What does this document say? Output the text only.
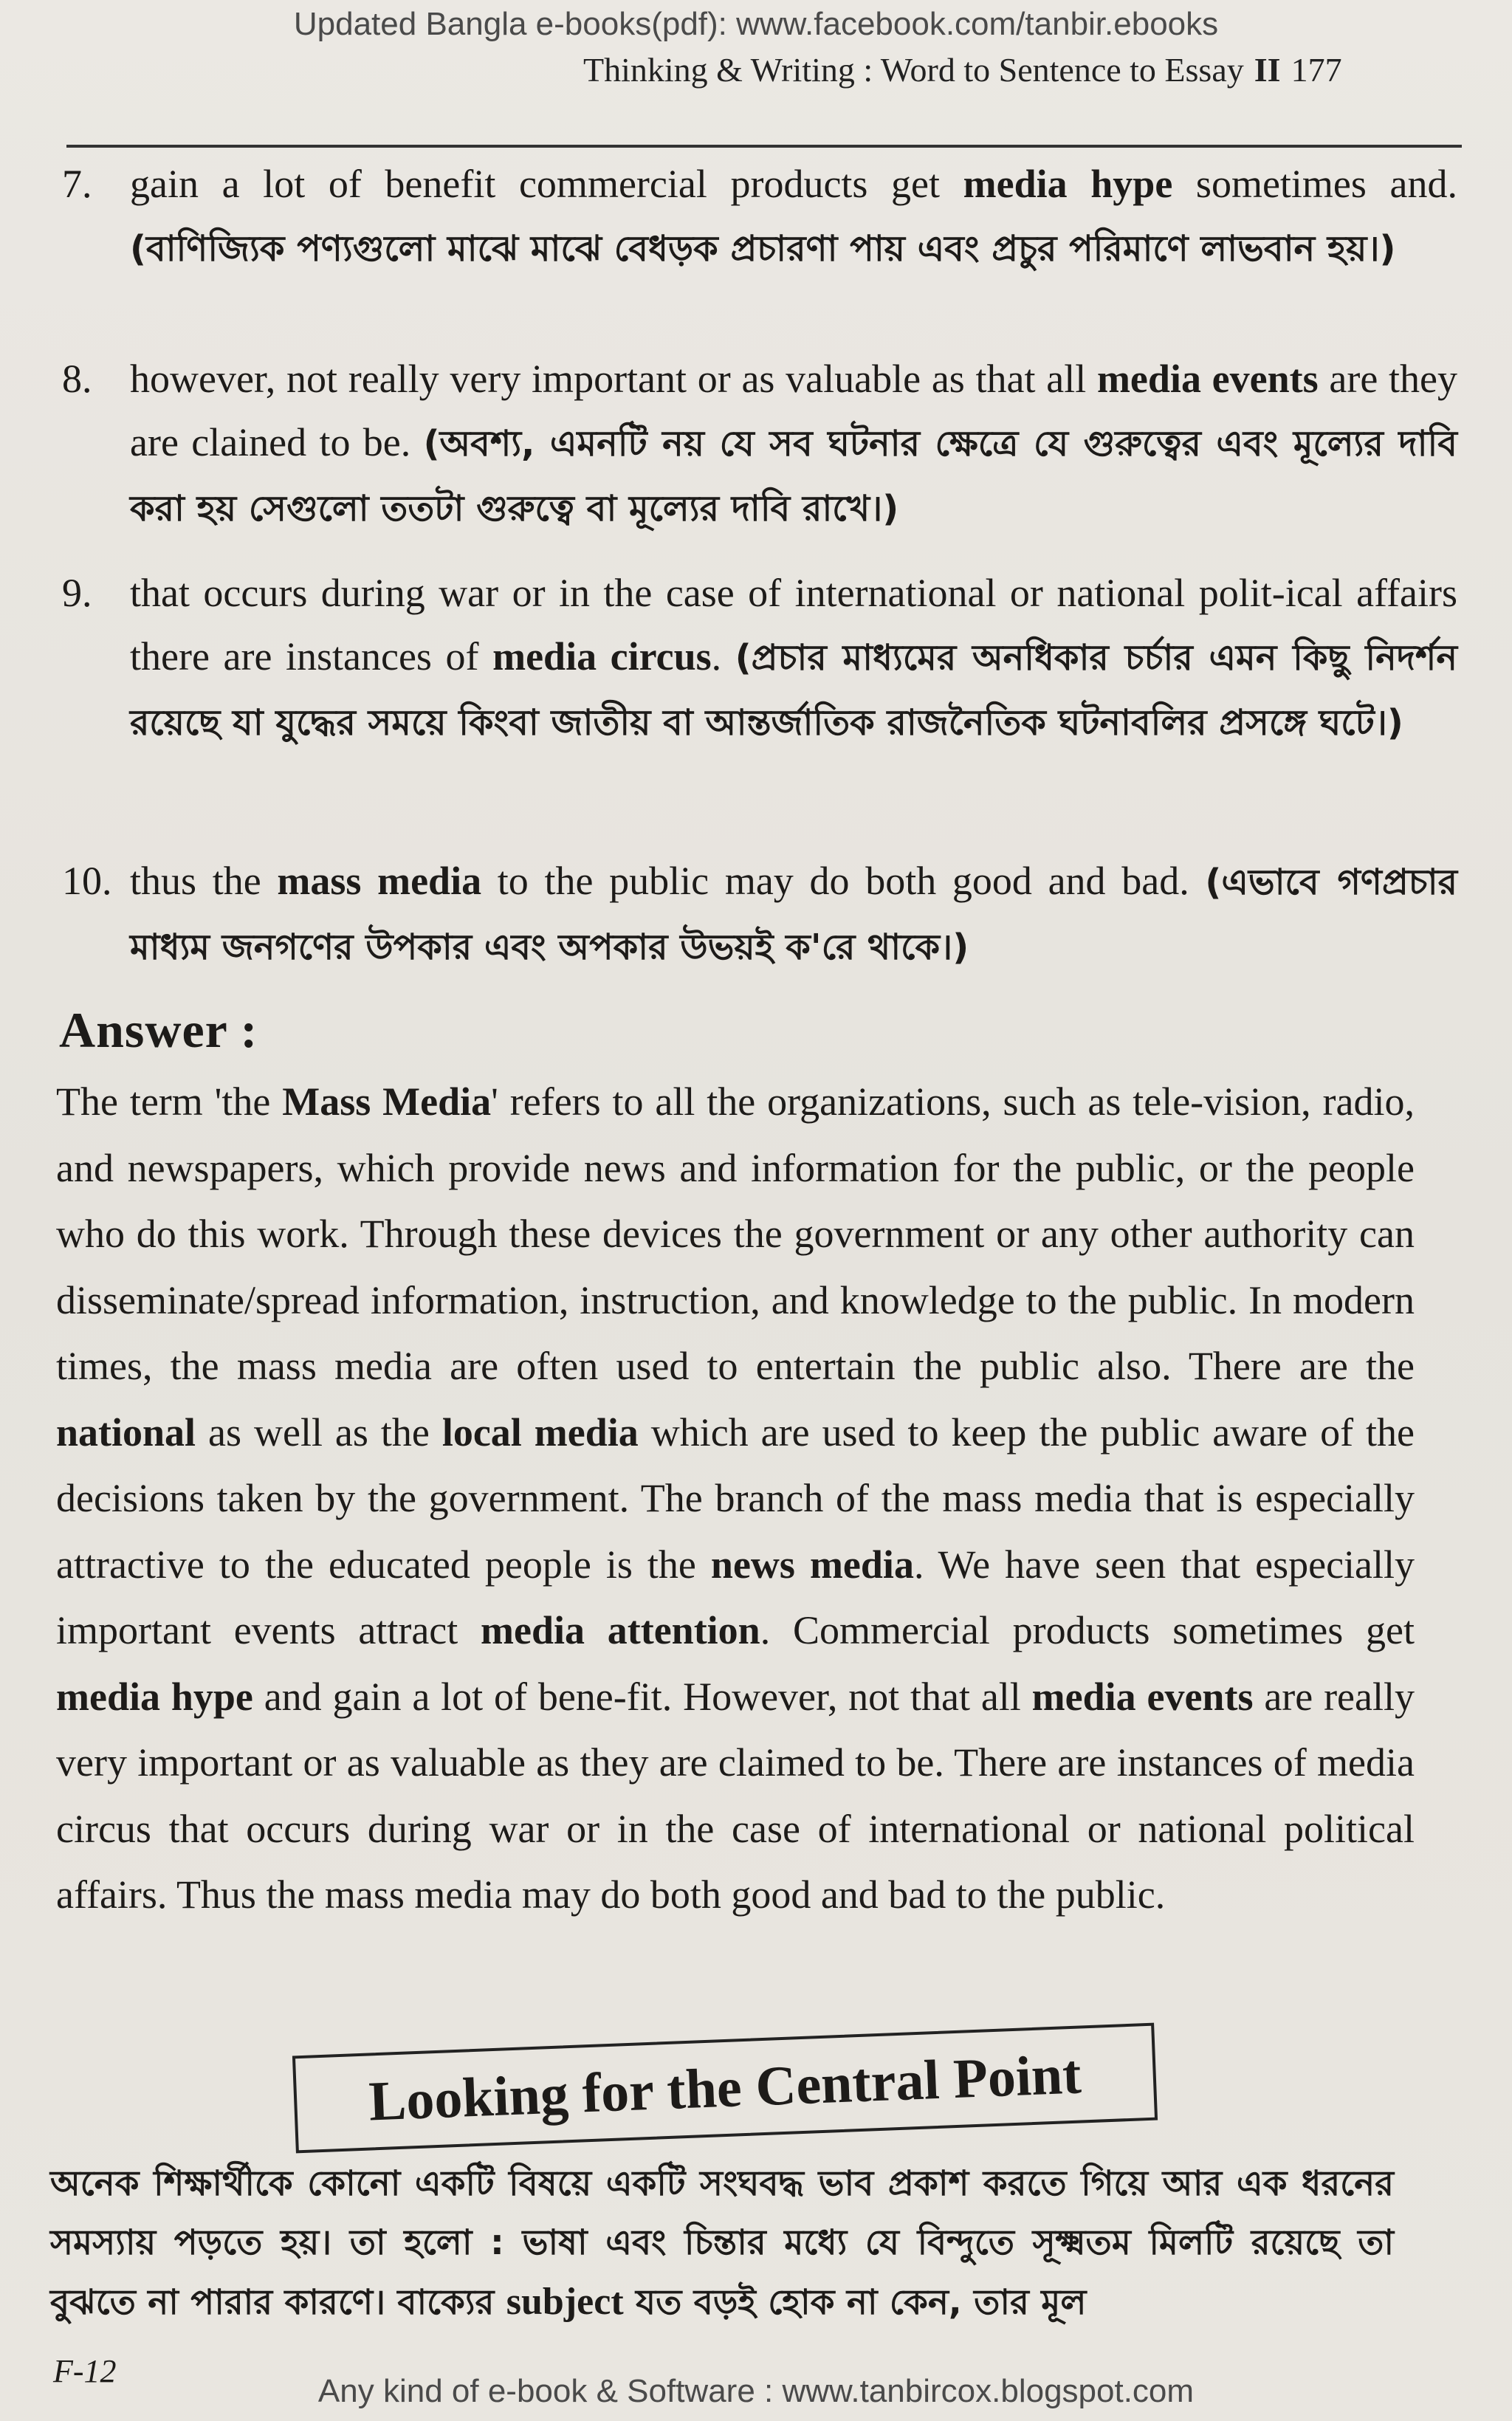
Updated Bangla e-books(pdf): www.facebook.com/tanbir.ebooks
Thinking & Writing : Word to Sentence to Essay II 177
7. gain a lot of benefit commercial products get media hype sometimes and. (বাণিজ্যিক পণ্যগুলো মাঝে মাঝে বেধড়ক প্রচারণা পায় এবং প্রচুর পরিমাণে লাভবান হয়।)
8. however, not really very important or as valuable as that all media events are they are clained to be. (অবশ্য, এমনটি নয় যে সব ঘটনার ক্ষেত্রে যে গুরুত্বের এবং মূল্যের দাবি করা হয় সেগুলো ততটা গুরুত্বে বা মূল্যের দাবি রাখে।)
9. that occurs during war or in the case of international or national polit-ical affairs there are instances of media circus. (প্রচার মাধ্যমের অনধিকার চর্চার এমন কিছু নিদর্শন রয়েছে যা যুদ্ধের সময়ে কিংবা জাতীয় বা আন্তর্জাতিক রাজনৈতিক ঘটনাবলির প্রসঙ্গে ঘটে।)
10. thus the mass media to the public may do both good and bad. (এভাবে গণপ্রচার মাধ্যম জনগণের উপকার এবং অপকার উভয়ই ক'রে থাকে।)
Answer :
The term 'the Mass Media' refers to all the organizations, such as tele-vision, radio, and newspapers, which provide news and information for the public, or the people who do this work. Through these devices the government or any other authority can disseminate/spread information, instruction, and knowledge to the public. In modern times, the mass media are often used to entertain the public also. There are the national as well as the local media which are used to keep the public aware of the decisions taken by the government. The branch of the mass media that is especially attractive to the educated people is the news media. We have seen that especially important events attract media attention. Commercial products sometimes get media hype and gain a lot of bene-fit. However, not that all media events are really very important or as valuable as they are claimed to be. There are instances of media circus that occurs during war or in the case of international or national political affairs. Thus the mass media may do both good and bad to the public.
Looking for the Central Point
অনেক শিক্ষার্থীকে কোনো একটি বিষয়ে একটি সংঘবদ্ধ ভাব প্রকাশ করতে গিয়ে আর এক ধরনের সমস্যায় পড়তে হয়। তা হলো : ভাষা এবং চিন্তার মধ্যে যে বিন্দুতে সূক্ষ্মতম মিলটি রয়েছে তা বুঝতে না পারার কারণে। বাক্যের subject যত বড়ই হোক না কেন, তার মূল
F-12
Any kind of e-book & Software : www.tanbircox.blogspot.com
